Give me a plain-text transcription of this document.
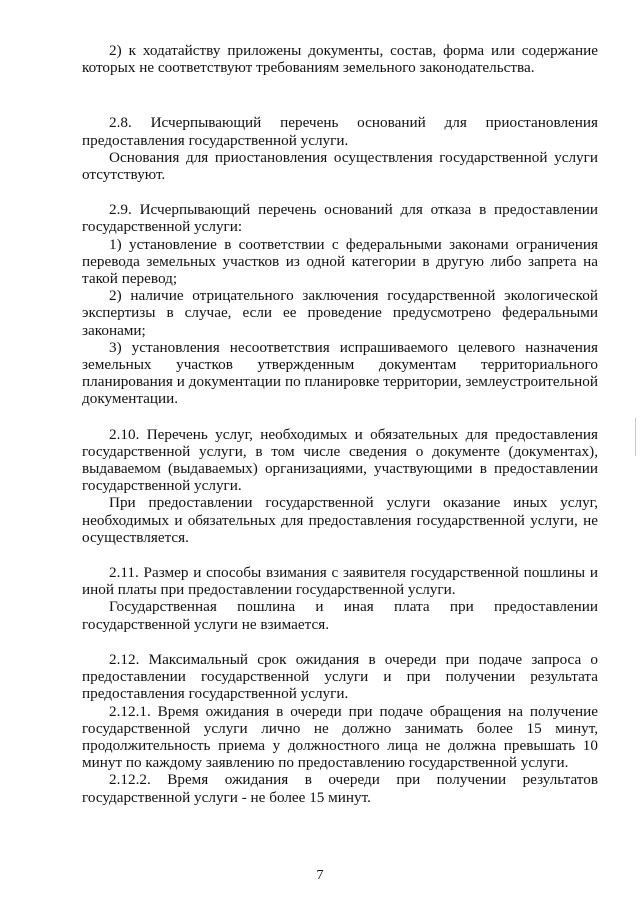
2) к ходатайству приложены документы, состав, форма или содержание которых не соответствуют требованиям земельного законодательства.

2.8. Исчерпывающий перечень оснований для приостановления предоставления государственной услуги.

Основания для приостановления осуществления государственной услуги отсутствуют.

2.9. Исчерпывающий перечень оснований для отказа в предоставлении государственной услуги:

1) установление в соответствии с федеральными законами ограничения перевода земельных участков из одной категории в другую либо запрета на такой перевод;

2) наличие отрицательного заключения государственной экологической экспертизы в случае, если ее проведение предусмотрено федеральными законами;

3) установления несоответствия испрашиваемого целевого назначения земельных участков утвержденным документам территориального планирования и документации по планировке территории, землеустроительной документации.

2.10. Перечень услуг, необходимых и обязательных для предоставления государственной услуги, в том числе сведения о документе (документах), выдаваемом (выдаваемых) организациями, участвующими в предоставлении государственной услуги.

При предоставлении государственной услуги оказание иных услуг, необходимых и обязательных для предоставления государственной услуги, не осуществляется.

2.11. Размер и способы взимания с заявителя государственной пошлины и иной платы при предоставлении государственной услуги.

Государственная пошлина и иная плата при предоставлении государственной услуги не взимается.

2.12. Максимальный срок ожидания в очереди при подаче запроса о предоставлении государственной услуги и при получении результата предоставления государственной услуги.

2.12.1. Время ожидания в очереди при подаче обращения на получение государственной услуги лично не должно занимать более 15 минут, продолжительность приема у должностного лица не должна превышать 10 минут по каждому заявлению по предоставлению государственной услуги.

2.12.2. Время ожидания в очереди при получении результатов государственной услуги - не более 15 минут.

7
